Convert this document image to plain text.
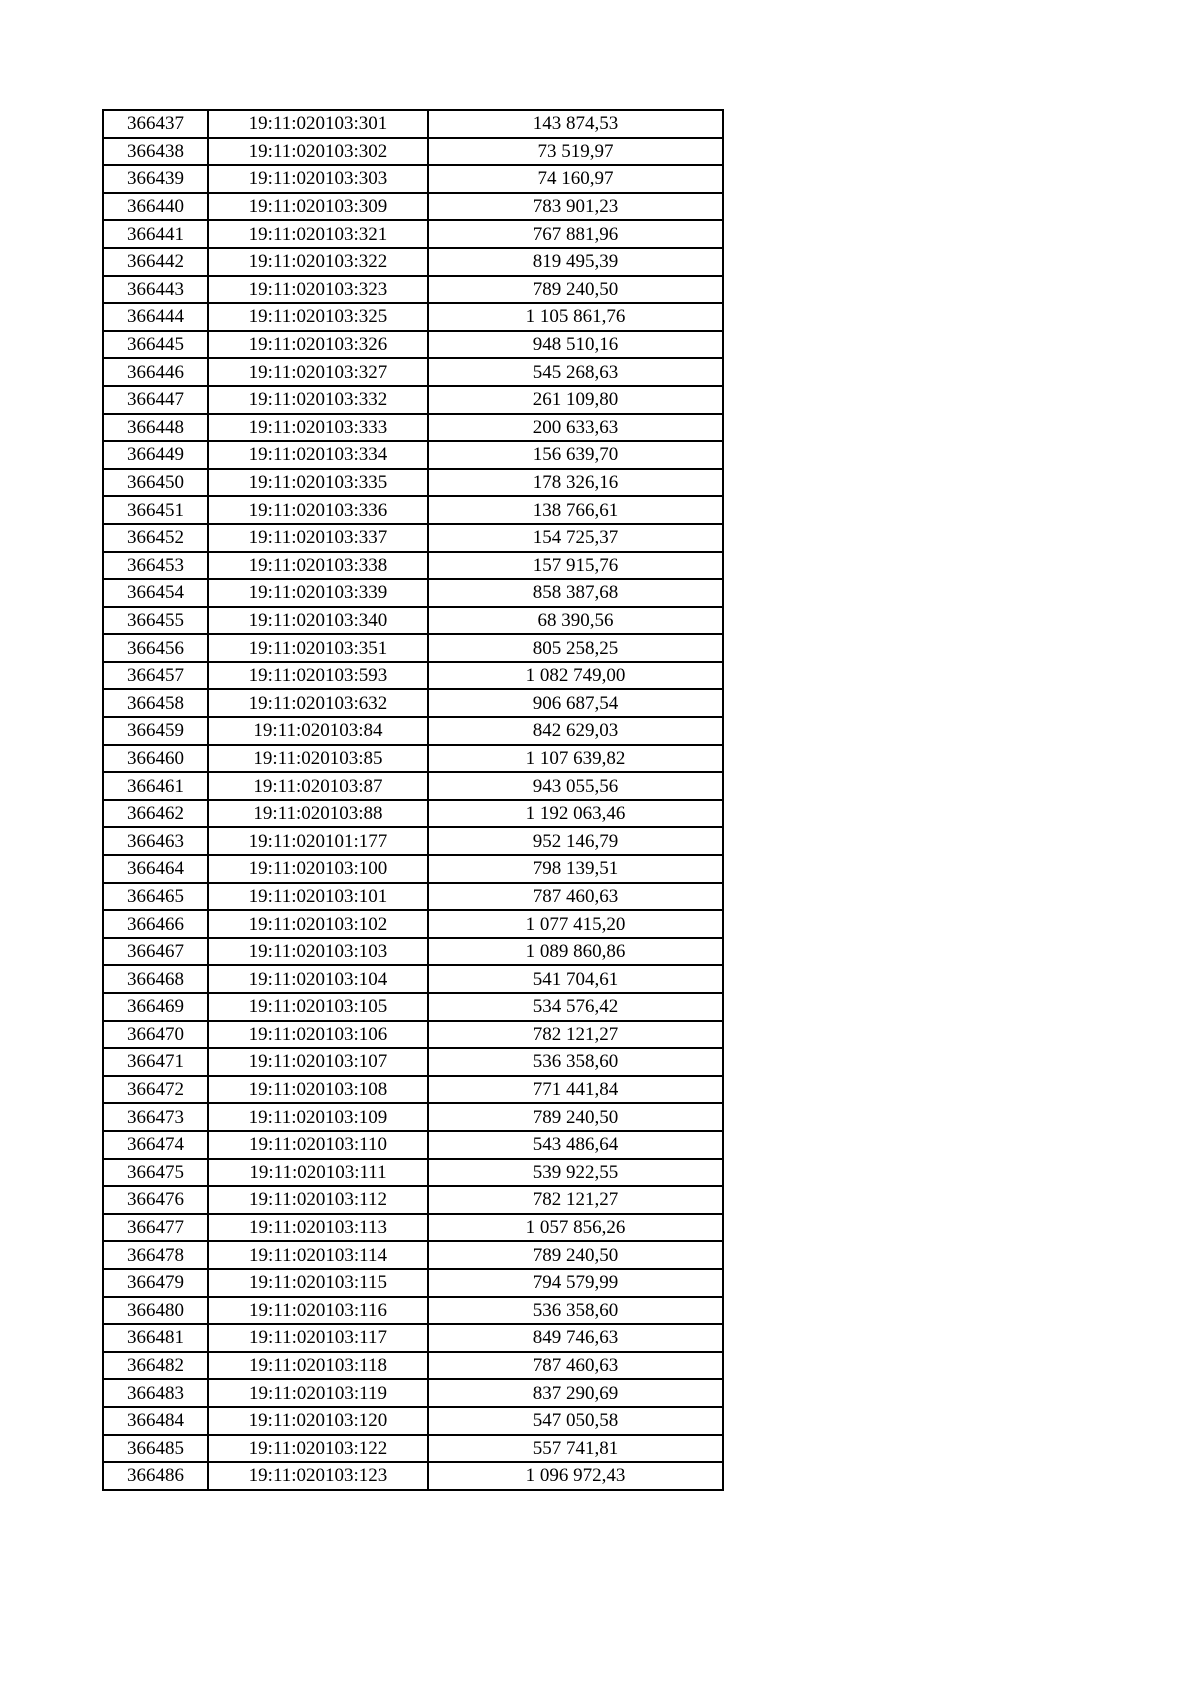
366437	19:11:020103:301	143 874,53
366438	19:11:020103:302	73 519,97
366439	19:11:020103:303	74 160,97
366440	19:11:020103:309	783 901,23
366441	19:11:020103:321	767 881,96
366442	19:11:020103:322	819 495,39
366443	19:11:020103:323	789 240,50
366444	19:11:020103:325	1 105 861,76
366445	19:11:020103:326	948 510,16
366446	19:11:020103:327	545 268,63
366447	19:11:020103:332	261 109,80
366448	19:11:020103:333	200 633,63
366449	19:11:020103:334	156 639,70
366450	19:11:020103:335	178 326,16
366451	19:11:020103:336	138 766,61
366452	19:11:020103:337	154 725,37
366453	19:11:020103:338	157 915,76
366454	19:11:020103:339	858 387,68
366455	19:11:020103:340	68 390,56
366456	19:11:020103:351	805 258,25
366457	19:11:020103:593	1 082 749,00
366458	19:11:020103:632	906 687,54
366459	19:11:020103:84	842 629,03
366460	19:11:020103:85	1 107 639,82
366461	19:11:020103:87	943 055,56
366462	19:11:020103:88	1 192 063,46
366463	19:11:020101:177	952 146,79
366464	19:11:020103:100	798 139,51
366465	19:11:020103:101	787 460,63
366466	19:11:020103:102	1 077 415,20
366467	19:11:020103:103	1 089 860,86
366468	19:11:020103:104	541 704,61
366469	19:11:020103:105	534 576,42
366470	19:11:020103:106	782 121,27
366471	19:11:020103:107	536 358,60
366472	19:11:020103:108	771 441,84
366473	19:11:020103:109	789 240,50
366474	19:11:020103:110	543 486,64
366475	19:11:020103:111	539 922,55
366476	19:11:020103:112	782 121,27
366477	19:11:020103:113	1 057 856,26
366478	19:11:020103:114	789 240,50
366479	19:11:020103:115	794 579,99
366480	19:11:020103:116	536 358,60
366481	19:11:020103:117	849 746,63
366482	19:11:020103:118	787 460,63
366483	19:11:020103:119	837 290,69
366484	19:11:020103:120	547 050,58
366485	19:11:020103:122	557 741,81
366486	19:11:020103:123	1 096 972,43
